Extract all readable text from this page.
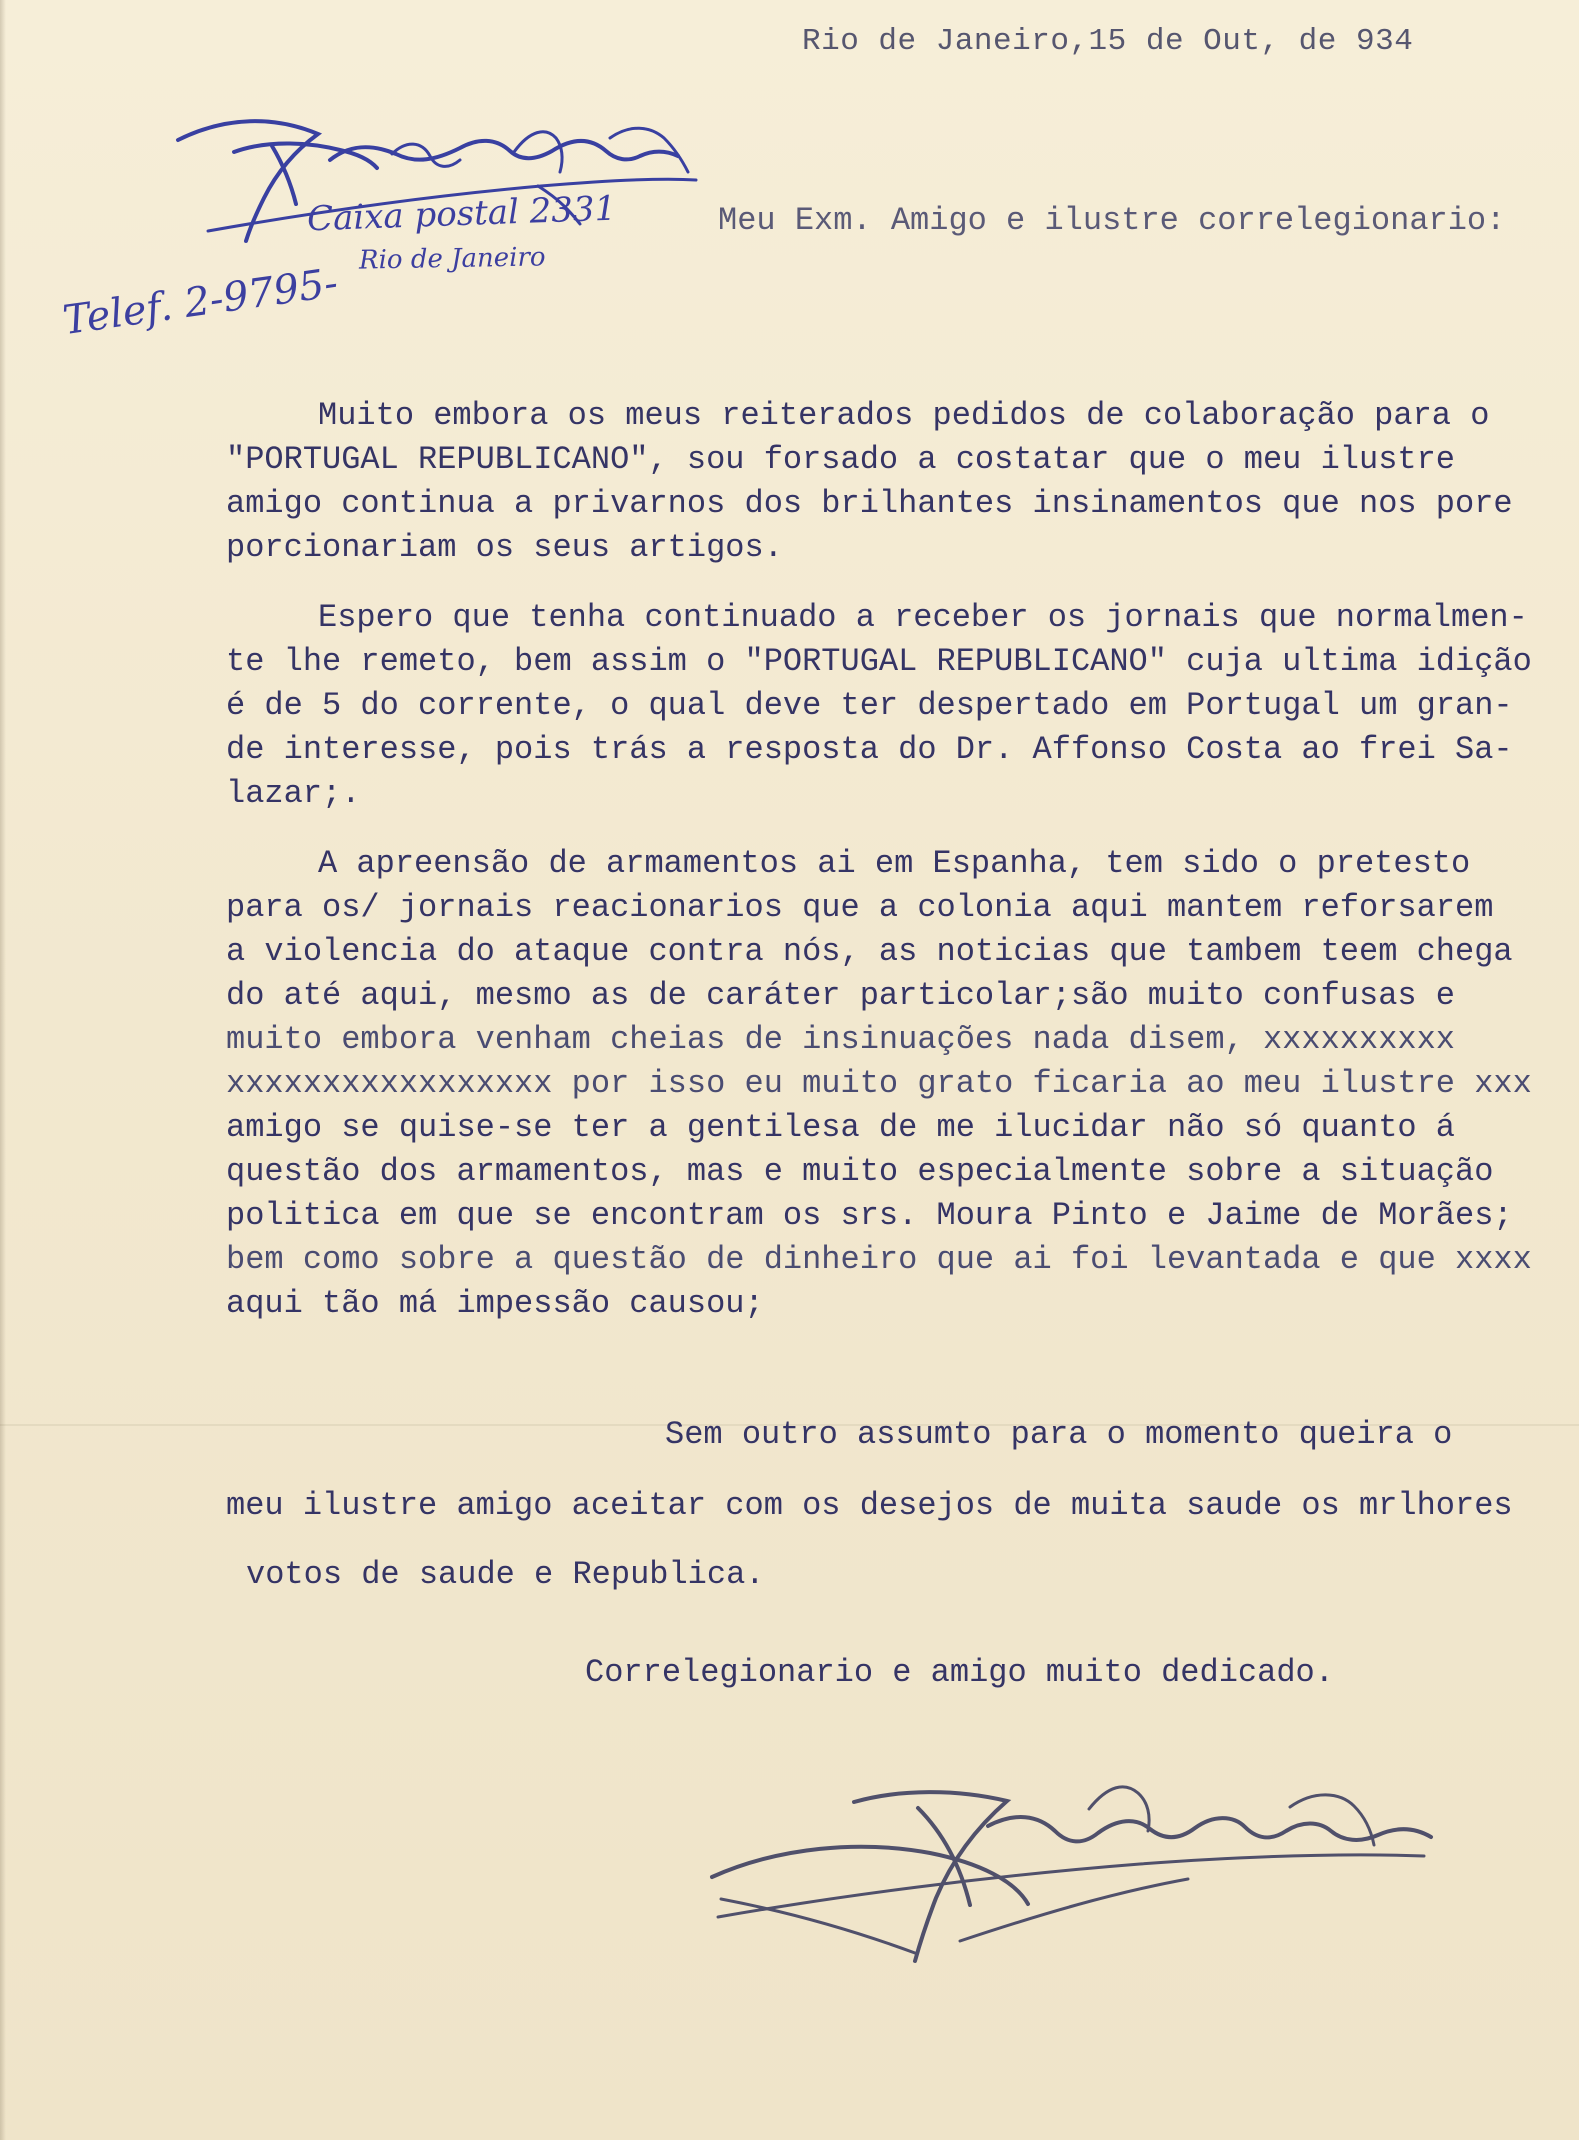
Rio de Janeiro,15 de Out, de 934
Caixa postal 2331
Rio de Janeiro
Telef. 2-9795-
Meu Exm. Amigo e ilustre correlegionario:
Muito embora os meus reiterados pedidos de colaboração para o
"PORTUGAL REPUBLICANO", sou forsado a costatar que o meu ilustre
amigo continua a privarnos dos brilhantes insinamentos que nos pore
porcionariam os seus artigos.
Espero que tenha continuado a receber os jornais que normalmen-
te lhe remeto, bem assim o "PORTUGAL REPUBLICANO" cuja ultima idição
é de 5 do corrente, o qual deve ter despertado em Portugal um gran-
de interesse, pois trás a resposta do Dr. Affonso Costa ao frei Sa-
lazar;.
A apreensão de armamentos ai em Espanha, tem sido o pretesto
para os/ jornais reacionarios que a colonia aqui mantem reforsarem
a violencia do ataque contra nós, as noticias que tambem teem chega
do até aqui, mesmo as de caráter particolar;são muito confusas e
muito embora venham cheias de insinuações nada disem, xxxxxxxxxx
xxxxxxxxxxxxxxxxx por isso eu muito grato ficaria ao meu ilustre xxx
amigo se quise-se ter a gentilesa de me ilucidar não só quanto á
questão dos armamentos, mas e muito especialmente sobre a situação
politica em que se encontram os srs. Moura Pinto e Jaime de Morães;
bem como sobre a questão de dinheiro que ai foi levantada e que xxxx
aqui tão má impessão causou;
Sem outro assumto para o momento queira o
meu ilustre amigo aceitar com os desejos de muita saude os mrlhores
votos de saude e Republica.
Correlegionario e amigo muito dedicado.
